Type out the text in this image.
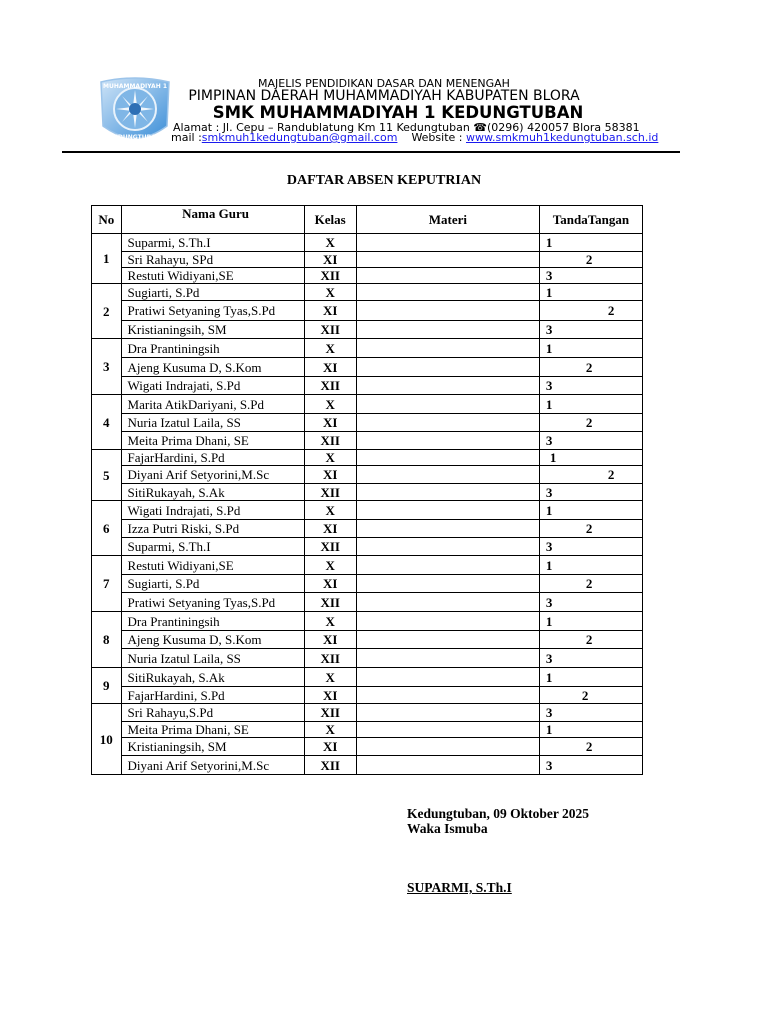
MUHAMMADIYAH 1
KEDUNGTUBAN
MAJELIS PENDIDIKAN DASAR DAN MENENGAH
PIMPINAN DAERAH MUHAMMADIYAH KABUPATEN BLORA
SMK MUHAMMADIYAH 1 KEDUNGTUBAN
Alamat : Jl. Cepu – Randublatung Km 11 Kedungtuban ☎(0296) 420057 Blora 58381
mail :smkmuh1kedungtuban@gmail.com Website : www.smkmuh1kedungtuban.sch.id
DAFTAR ABSEN KEPUTRIAN
No	Nama Guru	Kelas	Materi	TandaTangan
1	Suparmi, S.Th.I	X		1
	Sri Rahayu, SPd	XI		2
	Restuti Widiyani,SE	XII		3
2	Sugiarti, S.Pd	X		1
	Pratiwi Setyaning Tyas,S.Pd	XI		2
	Kristianingsih, SM	XII		3
3	Dra Prantiningsih	X		1
	Ajeng Kusuma D, S.Kom	XI		2
	Wigati Indrajati, S.Pd	XII		3
4	Marita AtikDariyani, S.Pd	X		1
	Nuria Izatul Laila, SS	XI		2
	Meita Prima Dhani, SE	XII		3
5	FajarHardini, S.Pd	X		1
	Diyani Arif Setyorini,M.Sc	XI		2
	SitiRukayah, S.Ak	XII		3
6	Wigati Indrajati, S.Pd	X		1
	Izza Putri Riski, S.Pd	XI		2
	Suparmi, S.Th.I	XII		3
7	Restuti Widiyani,SE	X		1
	Sugiarti, S.Pd	XI		2
	Pratiwi Setyaning Tyas,S.Pd	XII		3
8	Dra Prantiningsih	X		1
	Ajeng Kusuma D, S.Kom	XI		2
	Nuria Izatul Laila, SS	XII		3
9	SitiRukayah, S.Ak	X		1
	FajarHardini, S.Pd	XI		2
10	Sri Rahayu,S.Pd	XII		3
	Meita Prima Dhani, SE	X		1
	Kristianingsih, SM	XI		2
	Diyani Arif Setyorini,M.Sc	XII		3
Kedungtuban, 09 Oktober 2025
Waka Ismuba
SUPARMI, S.Th.I
